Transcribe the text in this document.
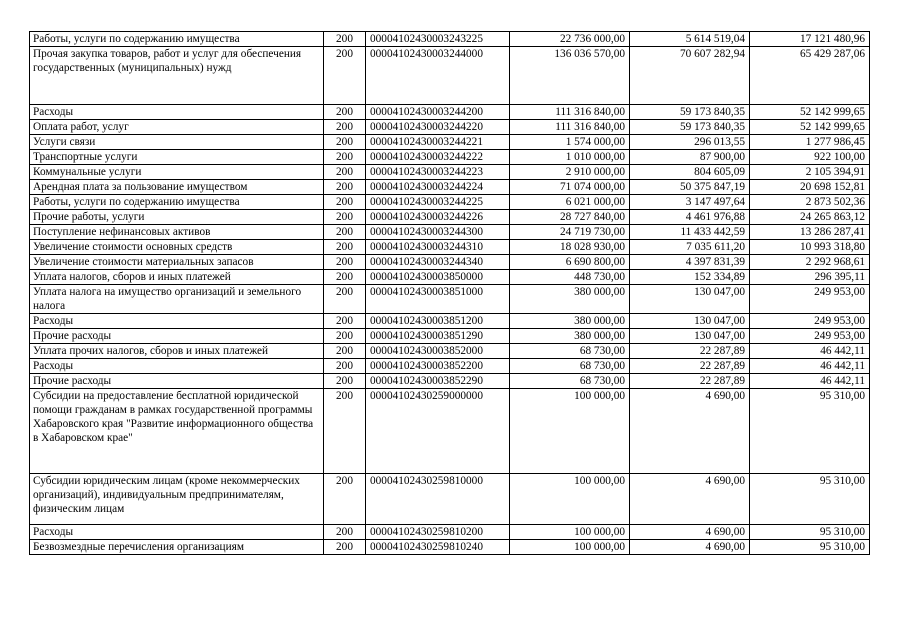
Работы, услуги по содержанию имущества	200	00004102430003243225	22 736 000,00	5 614 519,04	17 121 480,96
Прочая закупка товаров, работ и услуг для обеспечения государственных (муниципальных) нужд	200	00004102430003244000	136 036 570,00	70 607 282,94	65 429 287,06
Расходы	200	00004102430003244200	111 316 840,00	59 173 840,35	52 142 999,65
Оплата работ, услуг	200	00004102430003244220	111 316 840,00	59 173 840,35	52 142 999,65
Услуги связи	200	00004102430003244221	1 574 000,00	296 013,55	1 277 986,45
Транспортные услуги	200	00004102430003244222	1 010 000,00	87 900,00	922 100,00
Коммунальные услуги	200	00004102430003244223	2 910 000,00	804 605,09	2 105 394,91
Арендная плата за пользование имуществом	200	00004102430003244224	71 074 000,00	50 375 847,19	20 698 152,81
Работы, услуги по содержанию имущества	200	00004102430003244225	6 021 000,00	3 147 497,64	2 873 502,36
Прочие работы, услуги	200	00004102430003244226	28 727 840,00	4 461 976,88	24 265 863,12
Поступление нефинансовых активов	200	00004102430003244300	24 719 730,00	11 433 442,59	13 286 287,41
Увеличение стоимости основных средств	200	00004102430003244310	18 028 930,00	7 035 611,20	10 993 318,80
Увеличение стоимости материальных запасов	200	00004102430003244340	6 690 800,00	4 397 831,39	2 292 968,61
Уплата налогов, сборов и иных платежей	200	00004102430003850000	448 730,00	152 334,89	296 395,11
Уплата налога на имущество организаций и земельного налога	200	00004102430003851000	380 000,00	130 047,00	249 953,00
Расходы	200	00004102430003851200	380 000,00	130 047,00	249 953,00
Прочие расходы	200	00004102430003851290	380 000,00	130 047,00	249 953,00
Уплата прочих налогов, сборов и иных платежей	200	00004102430003852000	68 730,00	22 287,89	46 442,11
Расходы	200	00004102430003852200	68 730,00	22 287,89	46 442,11
Прочие расходы	200	00004102430003852290	68 730,00	22 287,89	46 442,11
Субсидии на предоставление бесплатной юридической помощи гражданам в рамках государственной программы Хабаровского края "Развитие информационного общества в Хабаровском крае"	200	00004102430259000000	100 000,00	4 690,00	95 310,00
Субсидии юридическим лицам (кроме некоммерческих организаций), индивидуальным предпринимателям, физическим лицам	200	00004102430259810000	100 000,00	4 690,00	95 310,00
Расходы	200	00004102430259810200	100 000,00	4 690,00	95 310,00
Безвозмездные перечисления организациям	200	00004102430259810240	100 000,00	4 690,00	95 310,00
